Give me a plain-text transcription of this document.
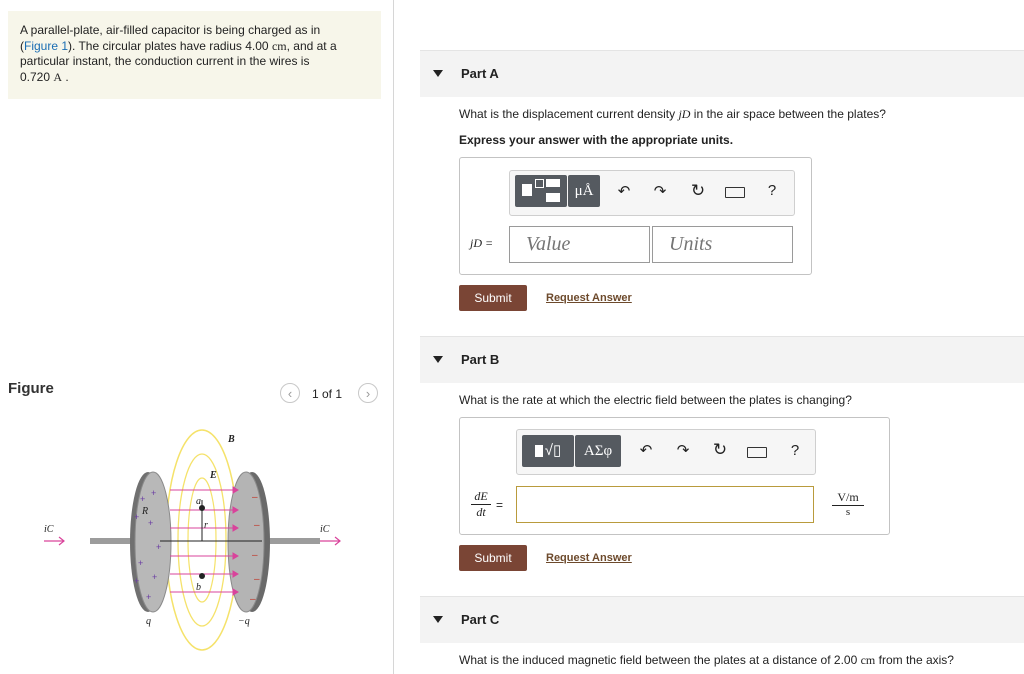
A parallel-plate, air-filled capacitor is being charged as in
(Figure 1). The circular plates have radius 4.00 cm, and at a
particular instant, the conduction current in the wires is
0.720 A .
Figure	‹	1 of 1	›
+
+
+
+
+
+
+
+
+
–
–
–
–
–
B
E
a
b
r
R
iC	iC
q	−q
Part A
What is the displacement current density jD in the air space between the plates?
Express your answer with the appropriate units.
μÅ	↶ ↷ ↻	?
jD =
Value
Units
Submit	Request Answer
Part B
What is the rate at which the electric field between the plates is changing?
√▯	ΑΣφ	↶ ↷ ↻	?
$\frac{dE}{dt}$ =	$\frac{V/m}{s}$
Submit	Request Answer
Part C
What is the induced magnetic field between the plates at a distance of 2.00 cm from the axis?
